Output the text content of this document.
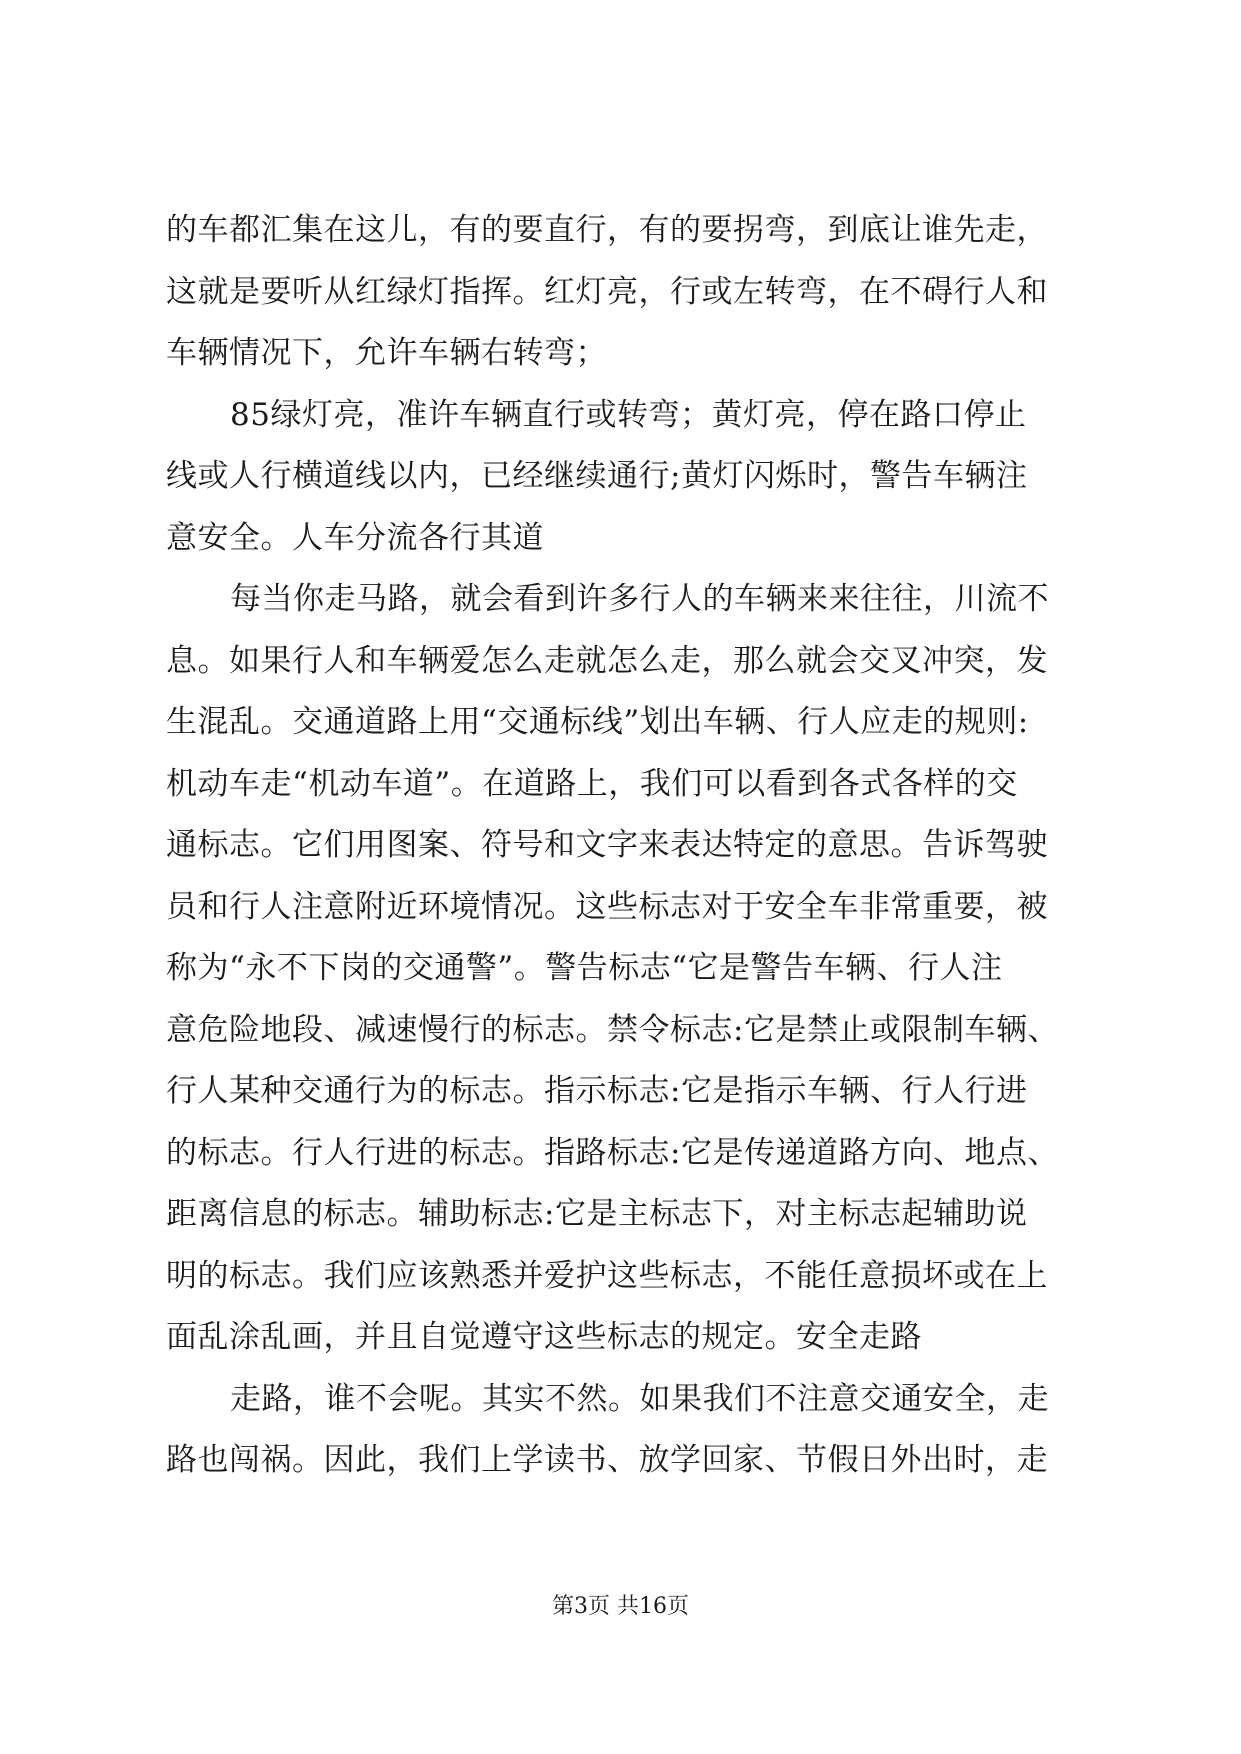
的车都汇集在这儿，有的要直行，有的要拐弯，到底让谁先走，
这就是要听从红绿灯指挥。红灯亮，行或左转弯，在不碍行人和
车辆情况下，允许车辆右转弯；
85绿灯亮，准许车辆直行或转弯；黄灯亮，停在路口停止
线或人行横道线以内，已经继续通行;黄灯闪烁时，警告车辆注
意安全。人车分流各行其道
每当你走马路，就会看到许多行人的车辆来来往往，川流不
息。如果行人和车辆爱怎么走就怎么走，那么就会交叉冲突，发
生混乱。交通道路上用“交通标线”划出车辆、行人应走的规则:
机动车走“机动车道”。在道路上，我们可以看到各式各样的交
通标志。它们用图案、符号和文字来表达特定的意思。告诉驾驶
员和行人注意附近环境情况。这些标志对于安全车非常重要，被
称为“永不下岗的交通警”。警告标志“它是警告车辆、行人注
意危险地段、减速慢行的标志。禁令标志:它是禁止或限制车辆、
行人某种交通行为的标志。指示标志:它是指示车辆、行人行进
的标志。行人行进的标志。指路标志:它是传递道路方向、地点、
距离信息的标志。辅助标志:它是主标志下，对主标志起辅助说
明的标志。我们应该熟悉并爱护这些标志，不能任意损坏或在上
面乱涂乱画，并且自觉遵守这些标志的规定。安全走路
走路，谁不会呢。其实不然。如果我们不注意交通安全，走
路也闯祸。因此，我们上学读书、放学回家、节假日外出时，走
第3页 共16页
